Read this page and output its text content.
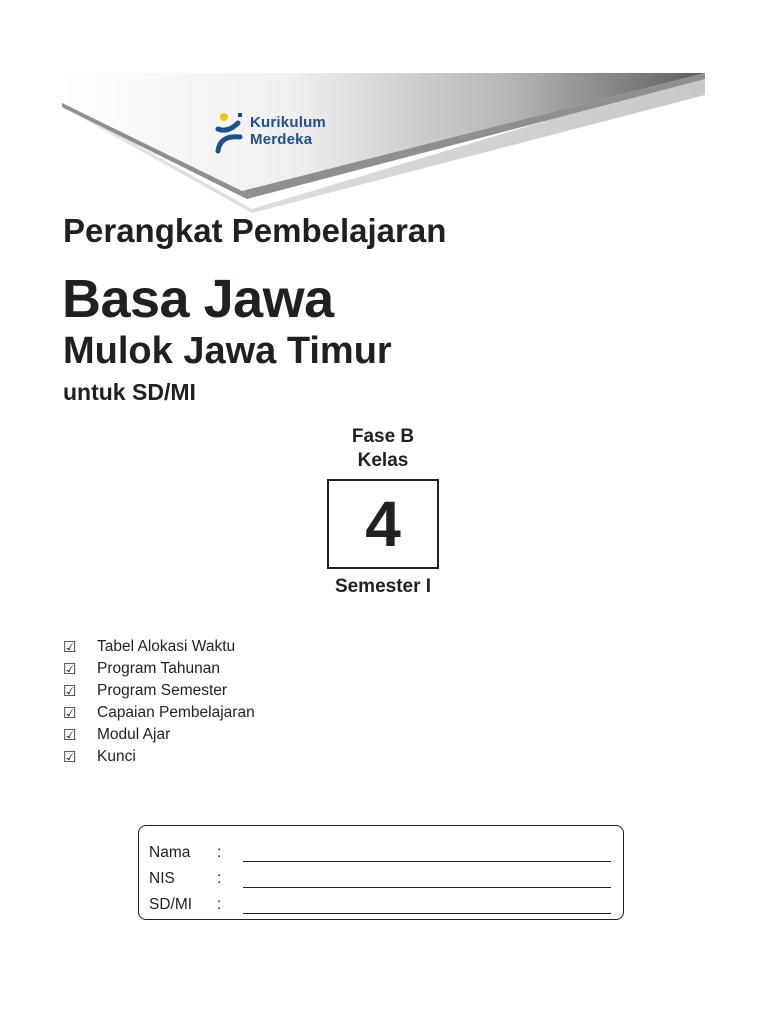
Kurikulum
Merdeka
Perangkat Pembelajaran
Basa Jawa
Mulok Jawa Timur
untuk SD/MI
Fase B
Kelas
4
Semester I
☑	Tabel Alokasi Waktu
☑	Program Tahunan
☑	Program Semester
☑	Capaian Pembelajaran
☑	Modul Ajar
☑	Kunci
Nama	:
NIS	:
SD/MI	:
